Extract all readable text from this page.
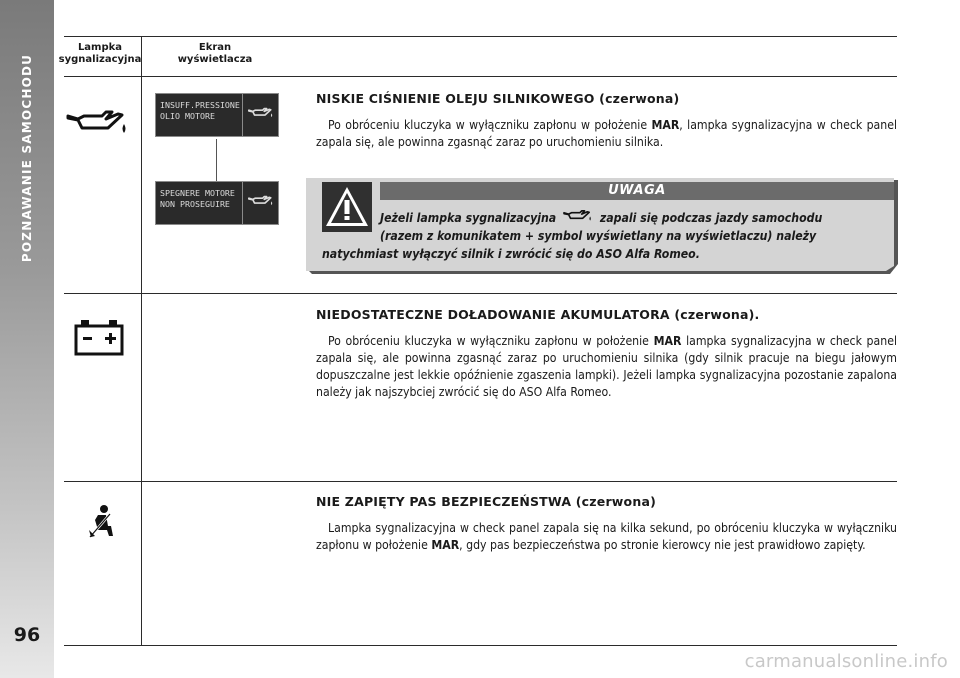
POZNAWANIE SAMOCHODU
96
Lampka
sygnalizacyjna
Ekran
wyświetlacza
NISKIE CIŚNIENIE OLEJU SILNIKOWEGO (czerwona)
Po obróceniu kluczyka w wyłączniku zapłonu w położenie MAR, lampka sygnalizacyjna w check panel zapala się, ale powinna zgasnąć zaraz po uruchomieniu silnika.
INSUFF.PRESSIONE
OLIO MOTORE
SPEGNERE MOTORE
NON PROSEGUIRE
UWAGA
Jeżeli lampka sygnalizacyjna	zapali się podczas jazdy samochodu
(razem z komunikatem + symbol wyświetlany na wyświetlaczu) należy
natychmiast wyłączyć silnik i zwrócić się do ASO Alfa Romeo.
NIEDOSTATECZNE DOŁADOWANIE AKUMULATORA (czerwona).
Po obróceniu kluczyka w wyłączniku zapłonu w położenie MAR lampka sygnalizacyjna w check panel zapala się, ale powinna zgasnąć zaraz po uruchomieniu silnika (gdy silnik pracuje na biegu jałowym dopuszczalne jest lekkie opóźnienie zgaszenia lampki). Jeżeli lampka sygnalizacyjna pozostanie zapalona należy jak najszybciej zwrócić się do ASO Alfa Romeo.
NIE ZAPIĘTY PAS BEZPIECZEŃSTWA (czerwona)
Lampka sygnalizacyjna w check panel zapala się na kilka sekund, po obróceniu kluczyka w wyłączniku zapłonu w położenie MAR, gdy pas bezpieczeństwa po stronie kierowcy nie jest prawidłowo zapięty.
carmanualsonline.info
